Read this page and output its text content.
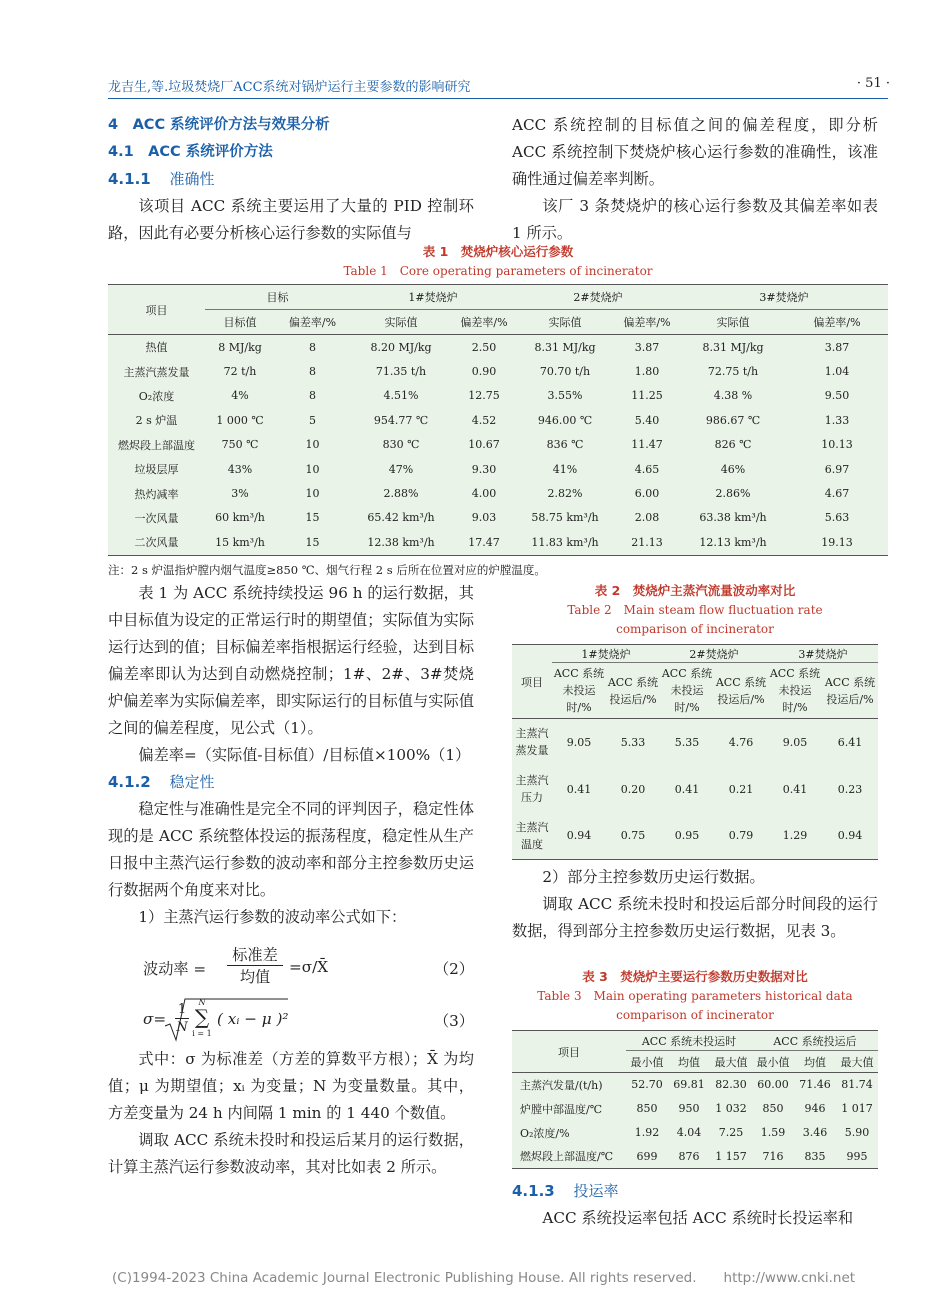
龙吉生,等.垃圾焚烧厂ACC系统对锅炉运行主要参数的影响研究	· 51 ·

4　ACC 系统评价方法与效果分析

4.1　ACC 系统评价方法

4.1.1 准确性

该项目 ACC 系统主要运用了大量的 PID 控制环路，因此有必要分析核心运行参数的实际值与

ACC 系统控制的目标值之间的偏差程度，即分析 ACC 系统控制下焚烧炉核心运行参数的准确性，该准确性通过偏差率判断。

该厂 3 条焚烧炉的核心运行参数及其偏差率如表 1 所示。

表 1　焚烧炉核心运行参数
Table 1　Core operating parameters of incinerator
项目	目标		1#焚烧炉		2#焚烧炉		3#焚烧炉	
	目标值	偏差率/%	实际值	偏差率/%	实际值	偏差率/%	实际值	偏差率/%
热值	8 MJ/kg	8	8.20 MJ/kg	2.50	8.31 MJ/kg	3.87	8.31 MJ/kg	3.87
主蒸汽蒸发量	72 t/h	8	71.35 t/h	0.90	70.70 t/h	1.80	72.75 t/h	1.04
O₂浓度	4%	8	4.51%	12.75	3.55%	11.25	4.38 %	9.50
2 s 炉温	1 000 ℃	5	954.77 ℃	4.52	946.00 ℃	5.40	986.67 ℃	1.33
燃烬段上部温度	750 ℃	10	830 ℃	10.67	836 ℃	11.47	826 ℃	10.13
垃圾层厚	43%	10	47%	9.30	41%	4.65	46%	6.97
热灼减率	3%	10	2.88%	4.00	2.82%	6.00	2.86%	4.67
一次风量	60 km³/h	15	65.42 km³/h	9.03	58.75 km³/h	2.08	63.38 km³/h	5.63
二次风量	15 km³/h	15	12.38 km³/h	17.47	11.83 km³/h	21.13	12.13 km³/h	19.13
注：2 s 炉温指炉膛内烟气温度≥850 ℃、烟气行程 2 s 后所在位置对应的炉膛温度。

表 1 为 ACC 系统持续投运 96 h 的运行数据，其中目标值为设定的正常运行时的期望值；实际值为实际运行达到的值；目标偏差率指根据运行经验，达到目标偏差率即认为达到自动燃烧控制；1#、2#、3#焚烧炉偏差率为实际偏差率，即实际运行的目标值与实际值之间的偏差程度，见公式（1）。

偏差率=（实际值-目标值）/目标值×100%（1）

4.1.2 稳定性

稳定性与准确性是完全不同的评判因子，稳定性体现的是 ACC 系统整体投运的振荡程度，稳定性从生产日报中主蒸汽运行参数的波动率和部分主控参数历史运行数据两个角度来对比。

1）主蒸汽运行参数的波动率公式如下：

波动率 =
标准差
均值
=σ/X̄	（2）
σ=
1
N
N
∑
i = 1
( xᵢ − μ )²	（3）

式中：σ 为标准差（方差的算数平方根）；X̄ 为均值；μ 为期望值；xᵢ 为变量；N 为变量数量。其中，方差变量为 24 h 内间隔 1 min 的 1 440 个数值。

调取 ACC 系统未投时和投运后某月的运行数据，计算主蒸汽运行参数波动率，其对比如表 2 所示。

表 2　焚烧炉主蒸汽流量波动率对比
Table 2　Main steam flow fluctuation rate
comparison of incinerator
项目	1#焚烧炉		2#焚烧炉		3#焚烧炉	
	ACC 系统未投运时/%	ACC 系统投运后/%	ACC 系统未投运时/%	ACC 系统投运后/%	ACC 系统未投运时/%	ACC 系统投运后/%
主蒸汽蒸发量	9.05	5.33	5.35	4.76	9.05	6.41
主蒸汽压力	0.41	0.20	0.41	0.21	0.41	0.23
主蒸汽温度	0.94	0.75	0.95	0.79	1.29	0.94

2）部分主控参数历史运行数据。

调取 ACC 系统未投时和投运后部分时间段的运行数据，得到部分主控参数历史运行数据，见表 3。

表 3　焚烧炉主要运行参数历史数据对比
Table 3　Main operating parameters historical data
comparison of incinerator
项目	ACC 系统未投运时			ACC 系统投运后		
	最小值	均值	最大值	最小值	均值	最大值
主蒸汽发量/(t/h)	52.70	69.81	82.30	60.00	71.46	81.74
炉膛中部温度/℃	850	950	1 032	850	946	1 017
O₂浓度/%	1.92	4.04	7.25	1.59	3.46	5.90
燃烬段上部温度/℃	699	876	1 157	716	835	995

4.1.3 投运率

ACC 系统投运率包括 ACC 系统时长投运率和

(C)1994-2023 China Academic Journal Electronic Publishing House. All rights reserved.　　http://www.cnki.net
